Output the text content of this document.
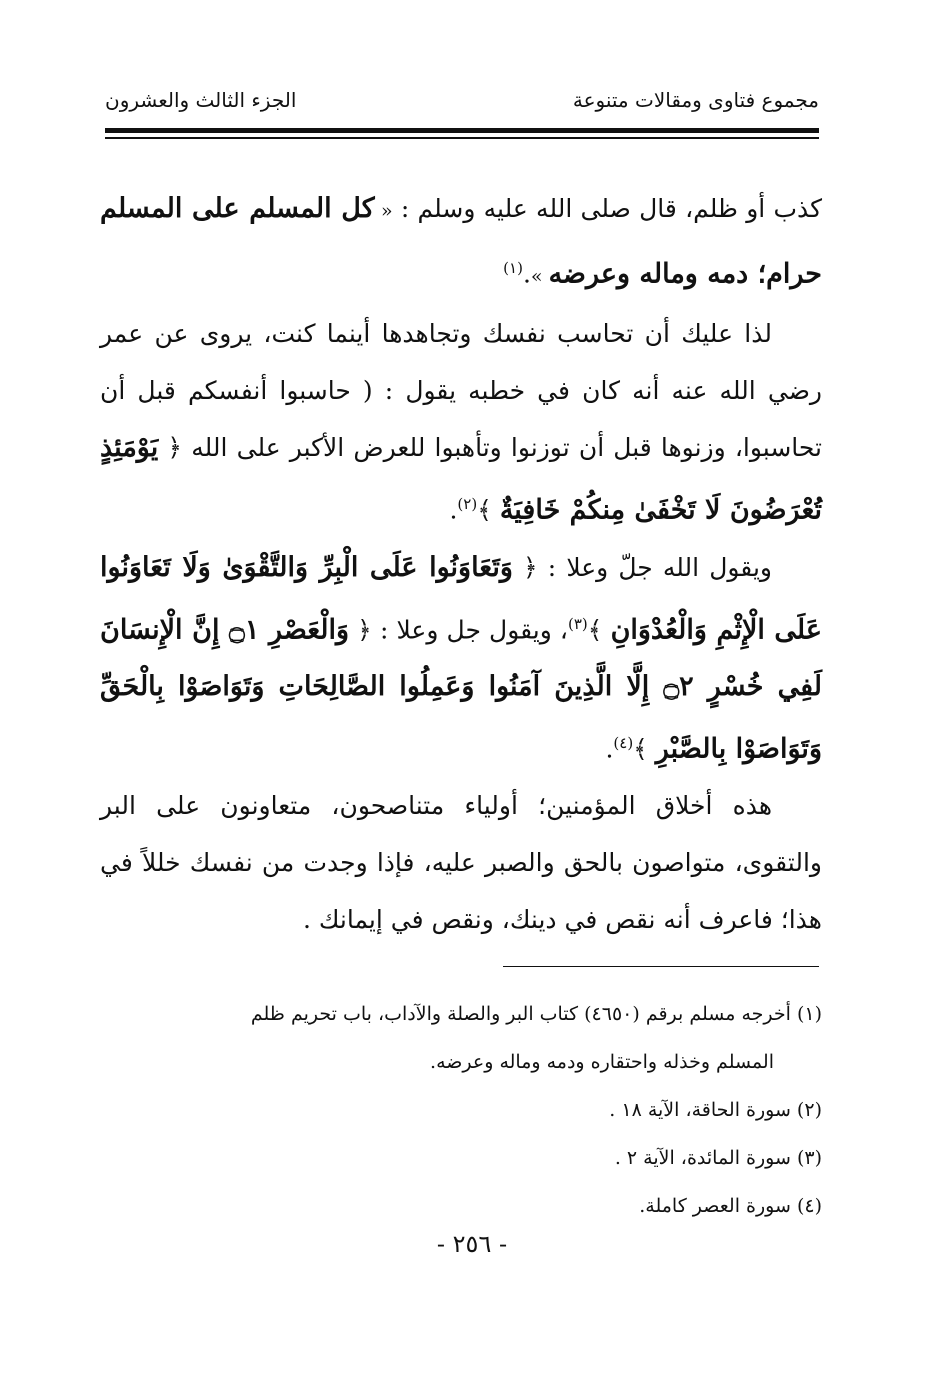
مجموع فتاوى ومقالات متنوعة
الجزء الثالث والعشرون

كذب أو ظلم، قال صلى الله عليه وسلم : « كل المسلم على المسلم حرام؛ دمه وماله وعرضه ».$^{(١)}$

لذا عليك أن تحاسب نفسك وتجاهدها أينما كنت، يروى عن عمر رضي الله عنه أنه كان في خطبه يقول : ( حاسبوا أنفسكم قبل أن تحاسبوا، وزنوها قبل أن توزنوا وتأهبوا للعرض الأكبر على الله ﴿ يَوْمَئِذٍ تُعْرَضُونَ لَا تَخْفَىٰ مِنكُمْ خَافِيَةٌ ﴾$^{(٢)}$.

ويقول الله جلّ وعلا : ﴿ وَتَعَاوَنُوا عَلَى الْبِرِّ وَالتَّقْوَىٰ وَلَا تَعَاوَنُوا عَلَى الْإِثْمِ وَالْعُدْوَانِ ﴾$^{(٣)}$، ويقول جل وعلا : ﴿ وَالْعَصْرِ ۝١ إِنَّ الْإِنسَانَ لَفِي خُسْرٍ ۝٢ إِلَّا الَّذِينَ آمَنُوا وَعَمِلُوا الصَّالِحَاتِ وَتَوَاصَوْا بِالْحَقِّ وَتَوَاصَوْا بِالصَّبْرِ ﴾$^{(٤)}$.

هذه أخلاق المؤمنين؛ أولياء متناصحون، متعاونون على البر والتقوى، متواصون بالحق والصبر عليه، فإذا وجدت من نفسك خللاً في هذا؛ فاعرف أنه نقص في دينك، ونقص في إيمانك .

(١) أخرجه مسلم برقم (٤٦٥٠) كتاب البر والصلة والآداب، باب تحريم ظلم
المسلم وخذله واحتقاره ودمه وماله وعرضه.
(٢) سورة الحاقة، الآية ١٨ .
(٣) سورة المائدة، الآية ٢ .
(٤) سورة العصر كاملة.
- ٢٥٦ -
